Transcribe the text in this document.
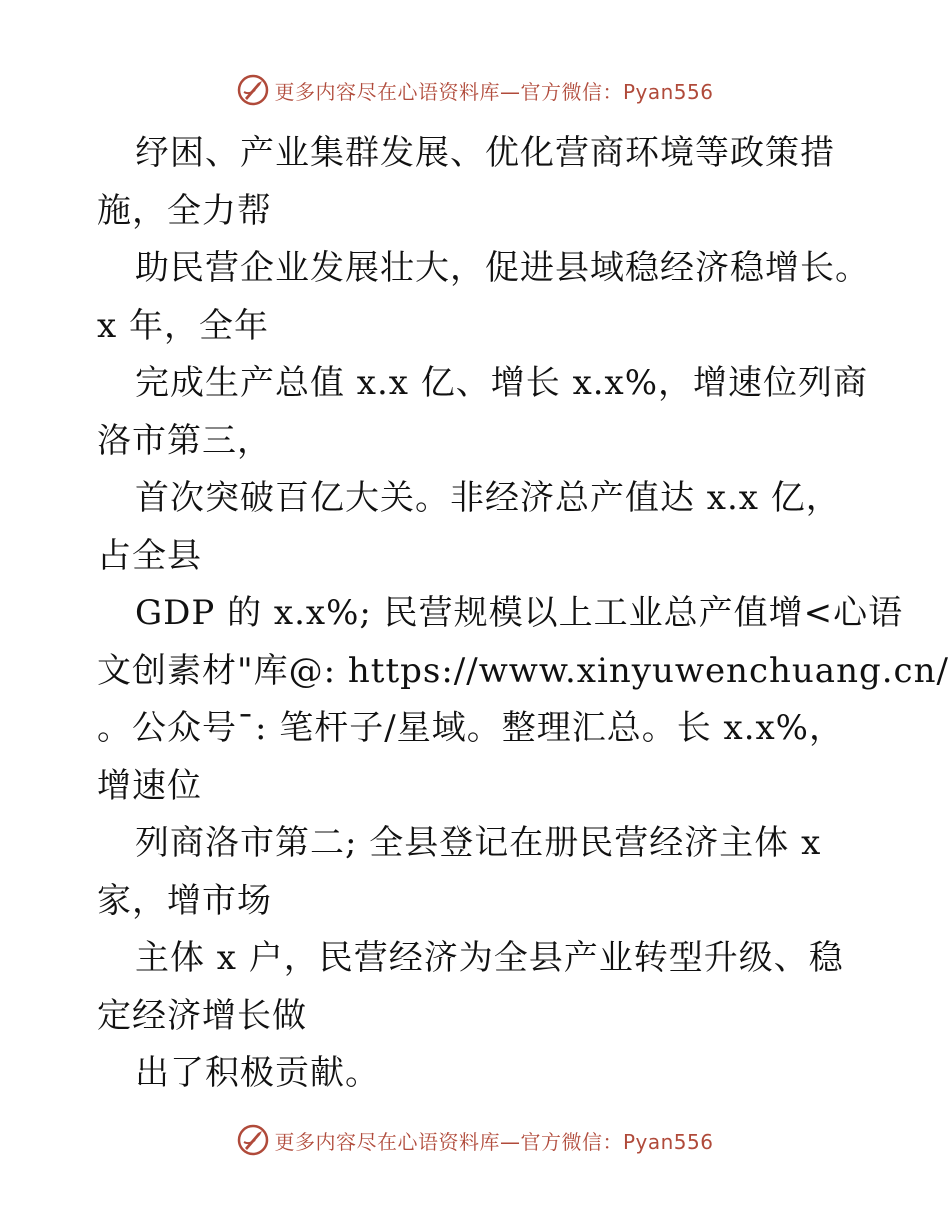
更多内容尽在心语资料库—官方微信：Pyan556
纾困、产业集群发展、优化营商环境等政策措
施，全力帮
助民营企业发展壮大，促进县域稳经济稳增长。
x 年，全年
完成生产总值 x.x 亿、增长 x.x%，增速位列商
洛市第三，
首次突破百亿大关。非经济总产值达 x.x 亿，
占全县
GDP 的 x.x%; 民营规模以上工业总产值增<心语
文创素材"库@: https://www.xinyuwenchuang.cn/
。公众号¯: 笔杆子/星域。整理汇总。长 x.x%，
增速位
列商洛市第二; 全县登记在册民营经济主体 x
家，增市场
主体 x 户，民营经济为全县产业转型升级、稳
定经济增长做
出了积极贡献。
更多内容尽在心语资料库—官方微信：Pyan556
